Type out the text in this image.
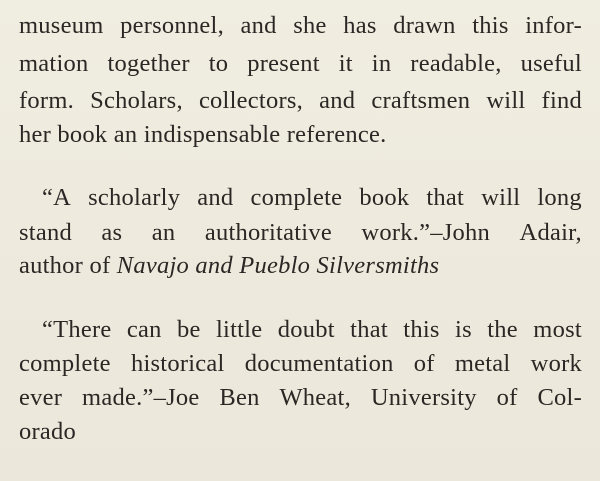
museum personnel, and she has drawn this infor-
mation together to present it in readable, useful
form. Scholars, collectors, and craftsmen will find
her book an indispensable reference.
“A scholarly and complete book that will long
stand as an authoritative work.”–John Adair,
author of Navajo and Pueblo Silversmiths
“There can be little doubt that this is the most
complete historical documentation of metal work
ever made.”–Joe Ben Wheat, University of Col-
orado
